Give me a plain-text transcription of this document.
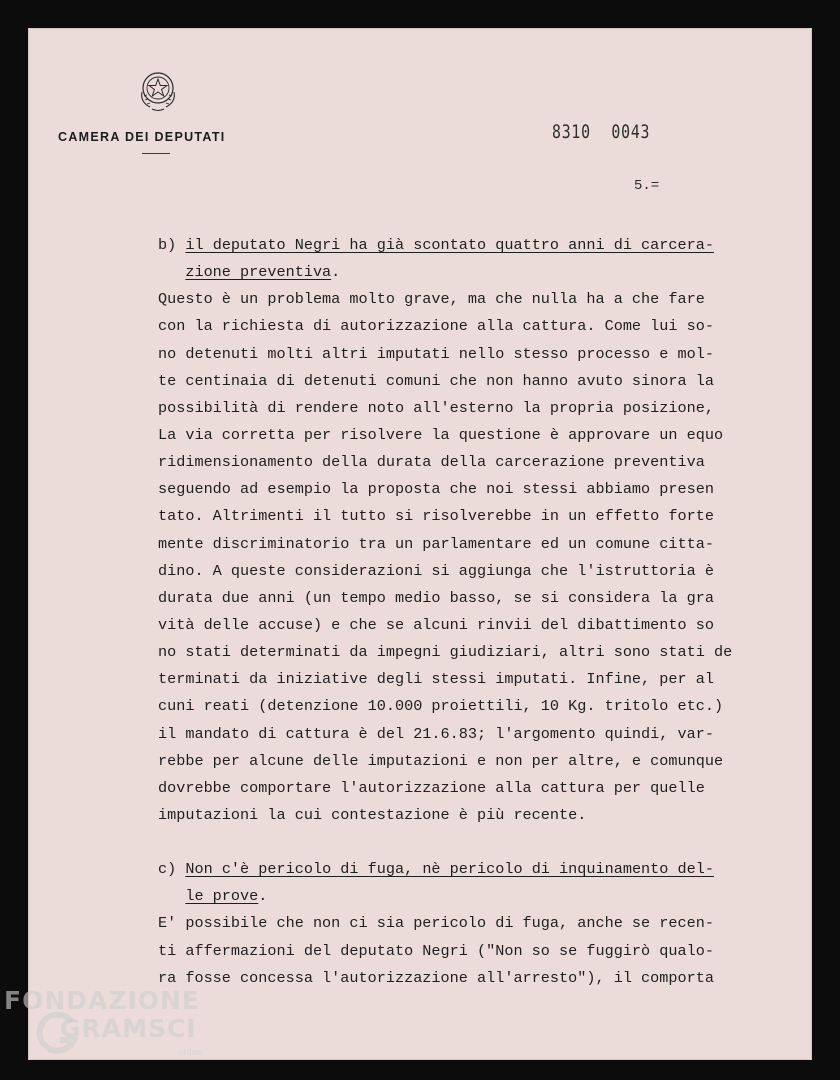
CAMERA DEI DEPUTATI	8310 0043
5.=
b) il deputato Negri ha già scontato quattro anni di carcera-
zione preventiva.
Questo è un problema molto grave, ma che nulla ha a che fare
con la richiesta di autorizzazione alla cattura. Come lui so-
no detenuti molti altri imputati nello stesso processo e mol-
te centinaia di detenuti comuni che non hanno avuto sinora la
possibilità di rendere noto all'esterno la propria posizione,
La via corretta per risolvere la questione è approvare un equo
ridimensionamento della durata della carcerazione preventiva
seguendo ad esempio la proposta che noi stessi abbiamo presen
tato. Altrimenti il tutto si risolverebbe in un effetto forte
mente discriminatorio tra un parlamentare ed un comune citta-
dino. A queste considerazioni si aggiunga che l'istruttoria è
durata due anni (un tempo medio basso, se si considera la gra
vità delle accuse) e che se alcuni rinvii del dibattimento so
no stati determinati da impegni giudiziari, altri sono stati de
terminati da iniziative degli stessi imputati. Infine, per al
cuni reati (detenzione 10.000 proiettili, 10 Kg. tritolo etc.)
il mandato di cattura è del 21.6.83; l'argomento quindi, var-
rebbe per alcune delle imputazioni e non per altre, e comunque
dovrebbe comportare l'autorizzazione alla cattura per quelle
imputazioni la cui contestazione è più recente.
c) Non c'è pericolo di fuga, nè pericolo di inquinamento del-
le prove.
E' possibile che non ci sia pericolo di fuga, anche se recen-
ti affermazioni del deputato Negri ("Non so se fuggirò qualo-
ra fosse concessa l'autorizzazione all'arresto"), il comporta
FONDAZIONE
GRAMSCI
onlus
